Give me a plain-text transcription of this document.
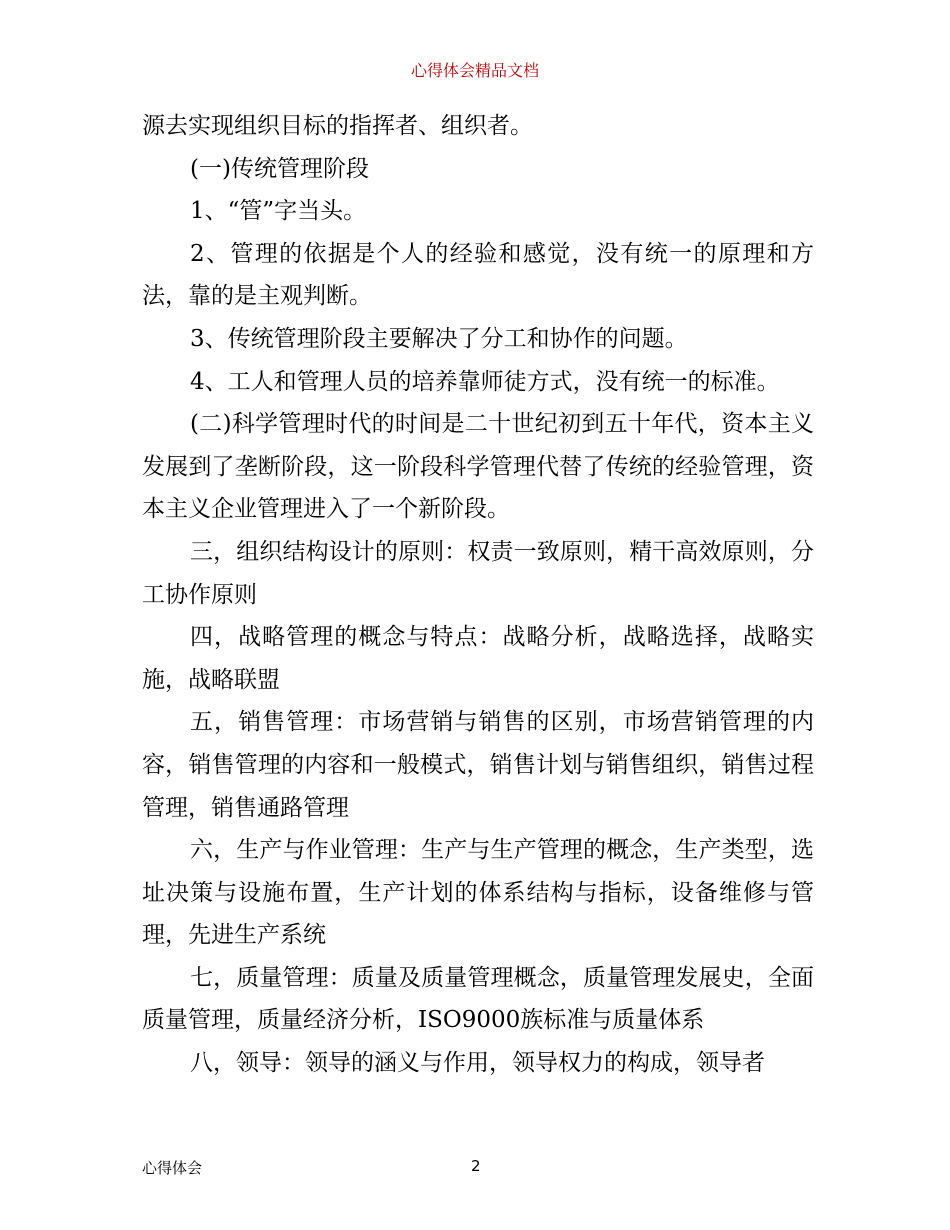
心得体会精品文档

源去实现组织目标的指挥者、组织者。

(一)传统管理阶段

1、“管”字当头。

2、管理的依据是个人的经验和感觉，没有统一的原理和方法，靠的是主观判断。

3、传统管理阶段主要解决了分工和协作的问题。

4、工人和管理人员的培养靠师徒方式，没有统一的标准。

(二)科学管理时代的时间是二十世纪初到五十年代，资本主义发展到了垄断阶段，这一阶段科学管理代替了传统的经验管理，资本主义企业管理进入了一个新阶段。

三，组织结构设计的原则：权责一致原则，精干高效原则，分工协作原则

四，战略管理的概念与特点：战略分析，战略选择，战略实施，战略联盟

五，销售管理：市场营销与销售的区别，市场营销管理的内容，销售管理的内容和一般模式，销售计划与销售组织，销售过程管理，销售通路管理

六，生产与作业管理：生产与生产管理的概念，生产类型，选址决策与设施布置，生产计划的体系结构与指标，设备维修与管理，先进生产系统

七，质量管理：质量及质量管理概念，质量管理发展史，全面质量管理，质量经济分析，ISO9000族标准与质量体系

八，领导：领导的涵义与作用，领导权力的构成，领导者

心得体会	2
